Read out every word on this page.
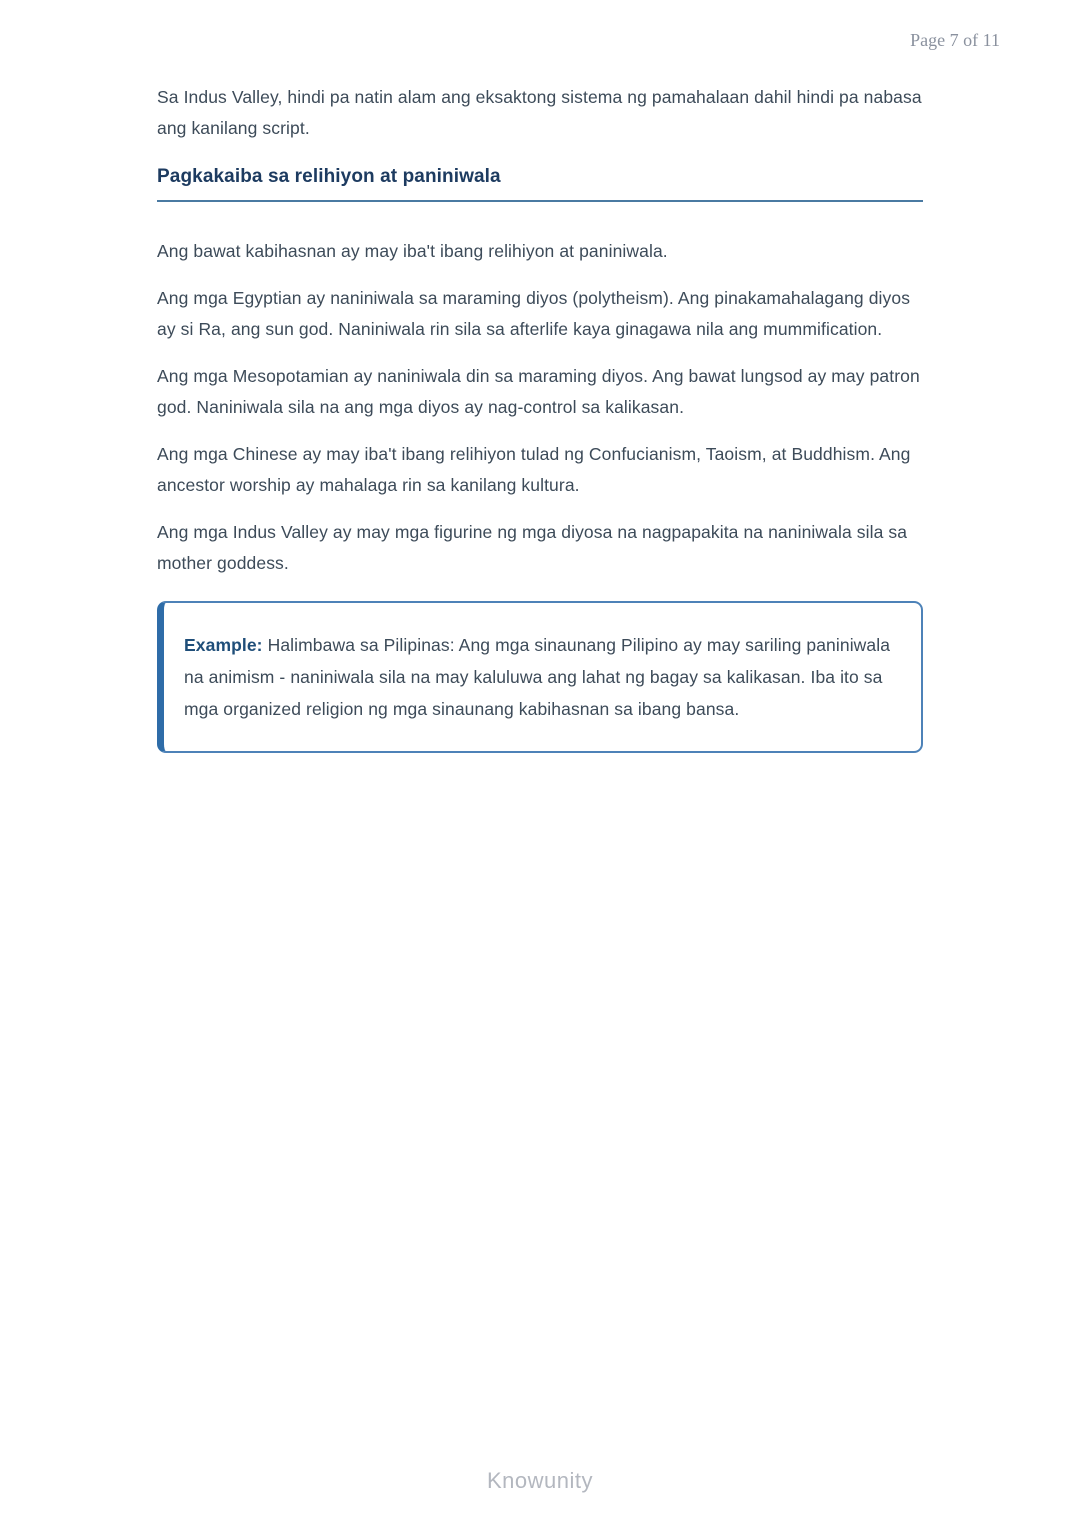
Page 7 of 11

Sa Indus Valley, hindi pa natin alam ang eksaktong sistema ng pamahalaan dahil hindi pa nabasa ang kanilang script.

Pagkakaiba sa relihiyon at paniniwala

Ang bawat kabihasnan ay may iba't ibang relihiyon at paniniwala.

Ang mga Egyptian ay naniniwala sa maraming diyos (polytheism). Ang pinakamahalagang diyos ay si Ra, ang sun god. Naniniwala rin sila sa afterlife kaya ginagawa nila ang mummification.

Ang mga Mesopotamian ay naniniwala din sa maraming diyos. Ang bawat lungsod ay may patron god. Naniniwala sila na ang mga diyos ay nag-control sa kalikasan.

Ang mga Chinese ay may iba't ibang relihiyon tulad ng Confucianism, Taoism, at Buddhism. Ang ancestor worship ay mahalaga rin sa kanilang kultura.

Ang mga Indus Valley ay may mga figurine ng mga diyosa na nagpapakita na naniniwala sila sa mother goddess.

Example: Halimbawa sa Pilipinas: Ang mga sinaunang Pilipino ay may sariling paniniwala na animism - naniniwala sila na may kaluluwa ang lahat ng bagay sa kalikasan. Iba ito sa mga organized religion ng mga sinaunang kabihasnan sa ibang bansa.

Knowunity
